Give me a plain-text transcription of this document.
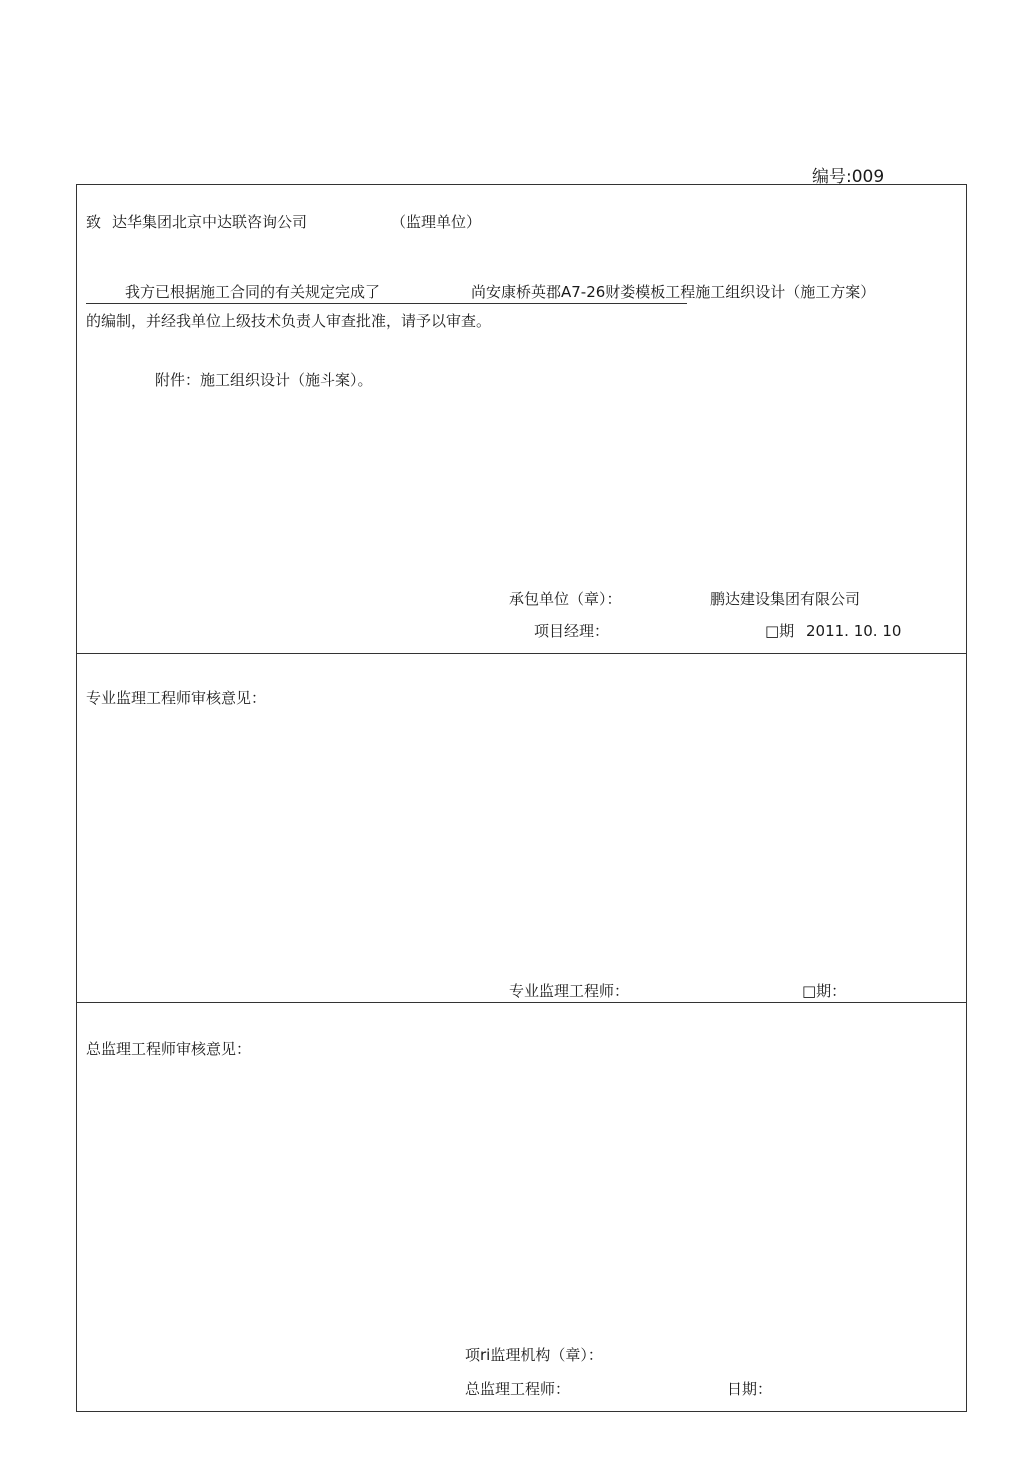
编号:009
致 达华集团北京中达联咨询公司	（监理单位）
我方已根据施工合同的有关规定完成了	尚安康桥英郡A7-26财娄模板工程施工组织设计（施工方案）
的编制，并经我单位上级技术负责人审查批准，请予以审查。
附件：施工组织设计（施斗案）。
承包单位（章）：	鹏达建设集团有限公司
项目经理：	□期 2011. 10. 10
专业监理工程师审核意见：
专业监理工程师：	□期：
总监理工程师审核意见：
项ri监理机构（章）：
总监理工程师：	日期：
